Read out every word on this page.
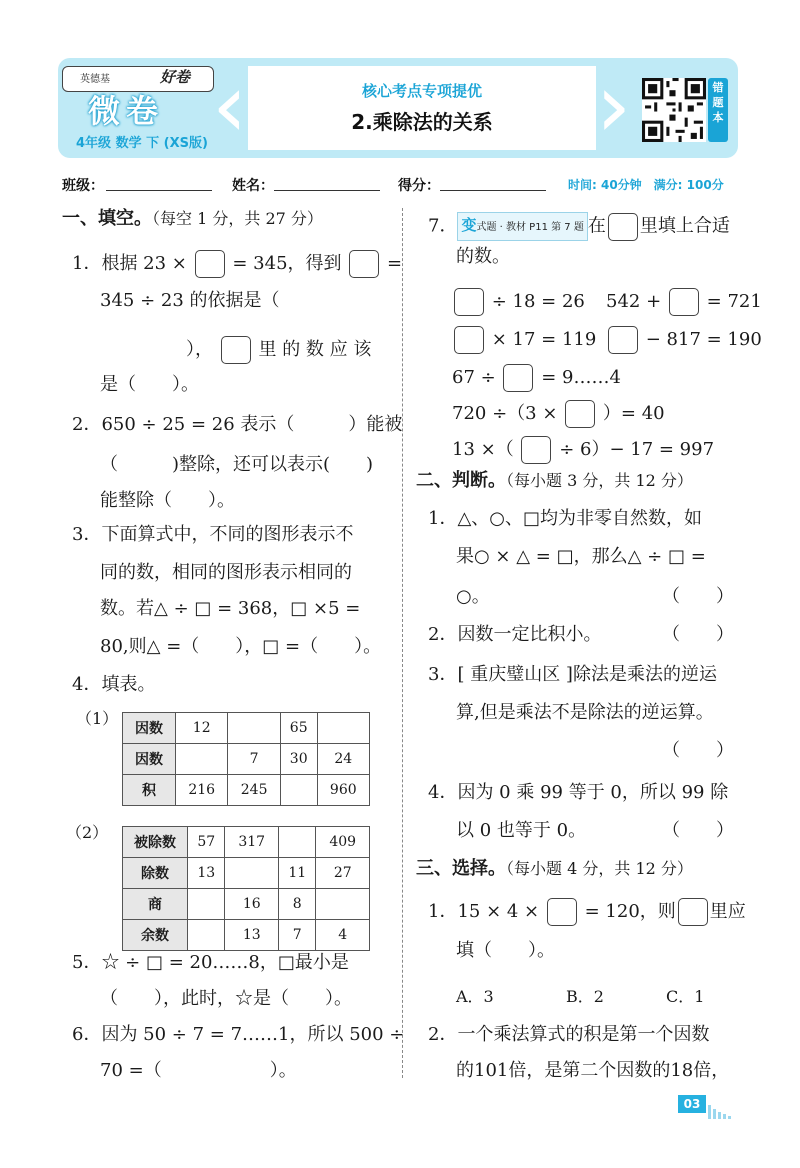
英德基	好卷
微卷
4年级 数学 下 (XS版) ‹	›
核心考点专项提优
2.乘除法的关系
错题本
班级：	姓名：	得分：	时间: 40分钟　满分: 100分
一、填空。（每空 1 分，共 27 分）
1．根据 23 ×	= 345，得到	=
345 ÷ 23 的依据是（
），	里 的 数 应 该
是（　　）。
2．650 ÷ 25 = 26 表示（　　　）能被
（　　　)整除，还可以表示(　　)
能整除（　　）。
3．下面算式中，不同的图形表示不
同的数，相同的图形表示相同的
数。若△ ÷ □ = 368，□ ×5 =
80,则△ =（　　），□ =（　　）。
4．填表。
（1）
因数	12		65	
因数		7	30	24
积	216	245		960
（2）
被除数	57	317		409
除数	13		11	27
商		16	8	
余数		13	7	4
5．☆ ÷ □ = 20……8，□最小是
（　　），此时，☆是（　　）。
6．因为 50 ÷ 7 = 7……1，所以 500 ÷
70 =（　　　　　　）。
7． 变式题 · 教材 P11 第 7 题 在 里填上合适
的数。
÷ 18 = 26 542 +	= 721
× 17 = 119	− 817 = 190
67 ÷	= 9……4
720 ÷（3 ×	）= 40
13 ×（	÷ 6）− 17 = 997
二、判断。（每小题 3 分，共 12 分）
1．△、○、□均为非零自然数，如
果○ × △ = □，那么△ ÷ □ =
○。	（　　）
2．因数一定比积小。	（　　）
3．[ 重庆璧山区 ]除法是乘法的逆运
算,但是乘法不是除法的逆运算。
（　　）
4．因为 0 乘 99 等于 0，所以 99 除
以 0 也等于 0。	（　　）
三、选择。（每小题 4 分，共 12 分）
1．15 × 4 ×	= 120，则 里应
填（　　）。
A．3	B．2	C．1
2．一个乘法算式的积是第一个因数
的101倍，是第二个因数的18倍，
03
